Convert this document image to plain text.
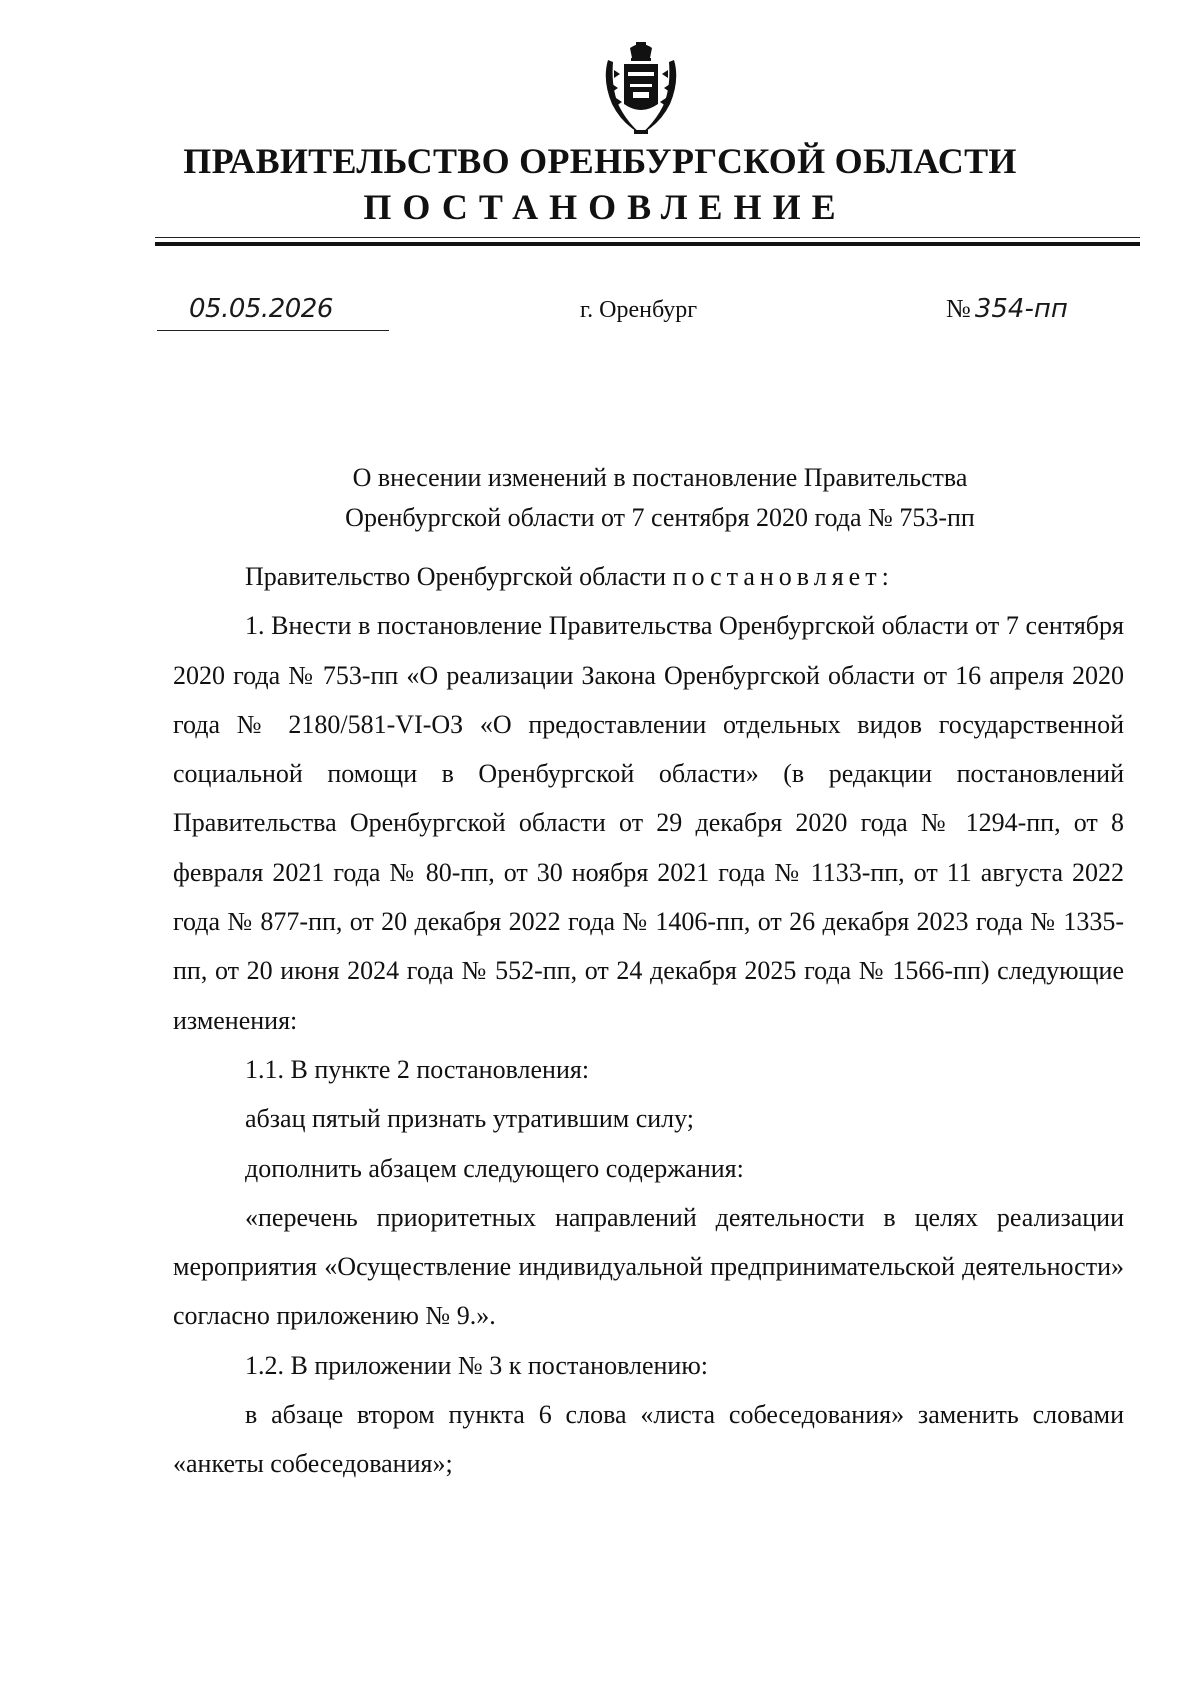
ПРАВИТЕЛЬСТВО ОРЕНБУРГСКОЙ ОБЛАСТИ
ПОСТАНОВЛЕНИЕ
05.05.2026	г. Оренбург	№ 354-пп
О внесении изменений в постановление Правительства
Оренбургской области от 7 сентября 2020 года № 753-пп

Правительство Оренбургской области постановляет:

1. Внести в постановление Правительства Оренбургской области от 7 сентября 2020 года № 753-пп «О реализации Закона Оренбургской области от 16 апреля 2020 года № 2180/581-VI-ОЗ «О предоставлении отдельных видов государственной социальной помощи в Оренбургской области» (в редакции постановлений Правительства Оренбургской области от 29 декабря 2020 года № 1294-пп, от 8 февраля 2021 года № 80-пп, от 30 ноября 2021 года № 1133-пп, от 11 августа 2022 года № 877-пп, от 20 декабря 2022 года № 1406-пп, от 26 декабря 2023 года № 1335-пп, от 20 июня 2024 года № 552-пп, от 24 декабря 2025 года № 1566-пп) следующие изменения:

1.1. В пункте 2 постановления:

абзац пятый признать утратившим силу;

дополнить абзацем следующего содержания:

«перечень приоритетных направлений деятельности в целях реализации мероприятия «Осуществление индивидуальной предпринимательской деятельности» согласно приложению № 9.».

1.2. В приложении № 3 к постановлению:

в абзаце втором пункта 6 слова «листа собеседования» заменить словами «анкеты собеседования»;
